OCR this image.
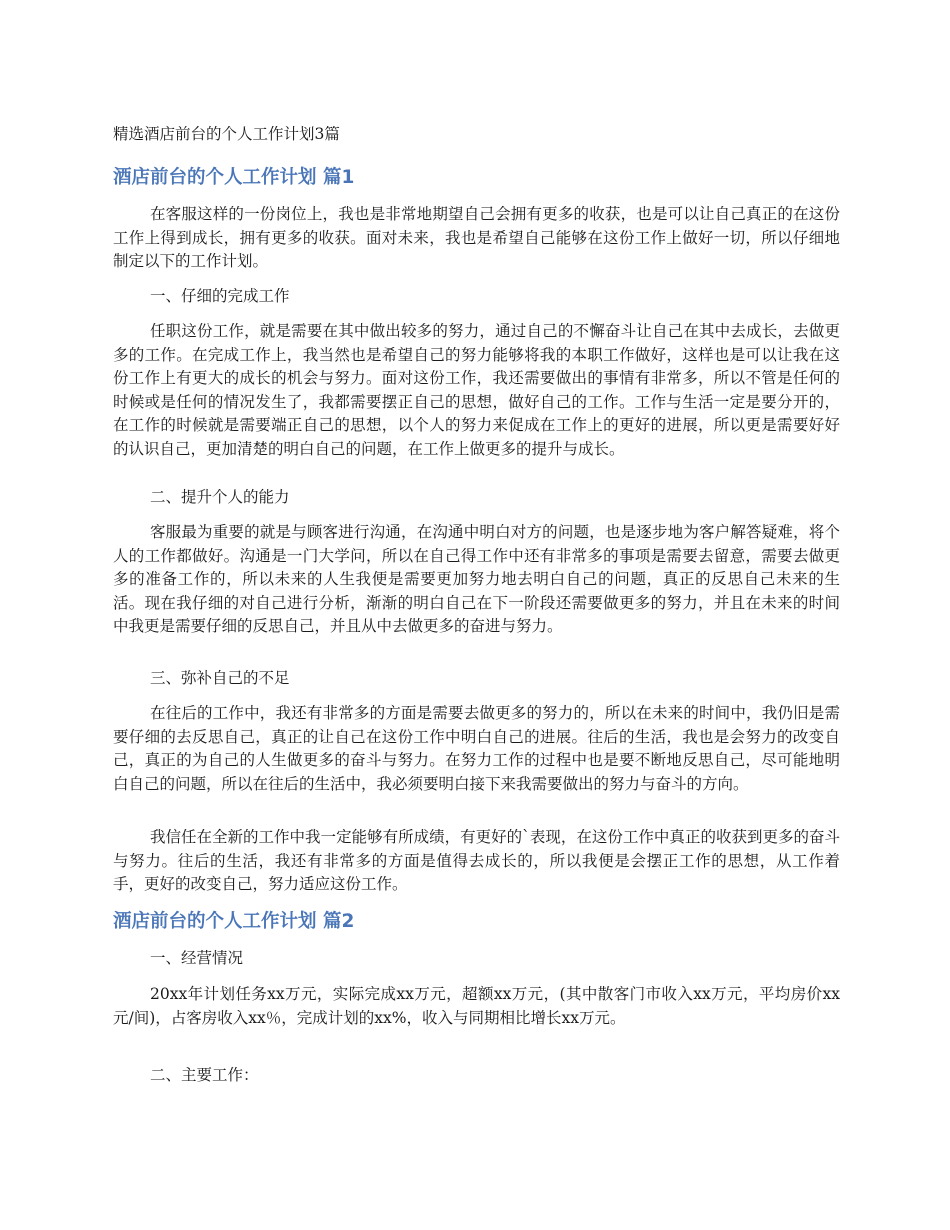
精选酒店前台的个人工作计划3篇
酒店前台的个人工作计划 篇1
在客服这样的一份岗位上，我也是非常地期望自己会拥有更多的收获，也是可以让自己真正的在这份工作上得到成长，拥有更多的收获。面对未来，我也是希望自己能够在这份工作上做好一切，所以仔细地制定以下的工作计划。
一、仔细的完成工作
任职这份工作，就是需要在其中做出较多的努力，通过自己的不懈奋斗让自己在其中去成长，去做更多的工作。在完成工作上，我当然也是希望自己的努力能够将我的本职工作做好，这样也是可以让我在这份工作上有更大的成长的机会与努力。面对这份工作，我还需要做出的事情有非常多，所以不管是任何的时候或是任何的情况发生了，我都需要摆正自己的思想，做好自己的工作。工作与生活一定是要分开的，在工作的时候就是需要端正自己的思想，以个人的努力来促成在工作上的更好的进展，所以更是需要好好的认识自己，更加清楚的明白自己的问题，在工作上做更多的提升与成长。
二、提升个人的能力
客服最为重要的就是与顾客进行沟通，在沟通中明白对方的问题，也是逐步地为客户解答疑难，将个人的工作都做好。沟通是一门大学问，所以在自己得工作中还有非常多的事项是需要去留意，需要去做更多的准备工作的，所以未来的人生我便是需要更加努力地去明白自己的问题，真正的反思自己未来的生活。现在我仔细的对自己进行分析，渐渐的明白自己在下一阶段还需要做更多的努力，并且在未来的时间中我更是需要仔细的反思自己，并且从中去做更多的奋进与努力。
三、弥补自己的不足
在往后的工作中，我还有非常多的方面是需要去做更多的努力的，所以在未来的时间中，我仍旧是需要仔细的去反思自己，真正的让自己在这份工作中明白自己的进展。往后的生活，我也是会努力的改变自己，真正的为自己的人生做更多的奋斗与努力。在努力工作的过程中也是要不断地反思自己，尽可能地明白自己的问题，所以在往后的生活中，我必须要明白接下来我需要做出的努力与奋斗的方向。
我信任在全新的工作中我一定能够有所成绩，有更好的`表现，在这份工作中真正的收获到更多的奋斗与努力。往后的生活，我还有非常多的方面是值得去成长的，所以我便是会摆正工作的思想，从工作着手，更好的改变自己，努力适应这份工作。
酒店前台的个人工作计划 篇2
一、经营情况
20xx年计划任务xx万元，实际完成xx万元，超额xx万元，(其中散客门市收入xx万元，平均房价xx元/间)，占客房收入xx％，完成计划的xx%，收入与同期相比增长xx万元。
二、主要工作：
